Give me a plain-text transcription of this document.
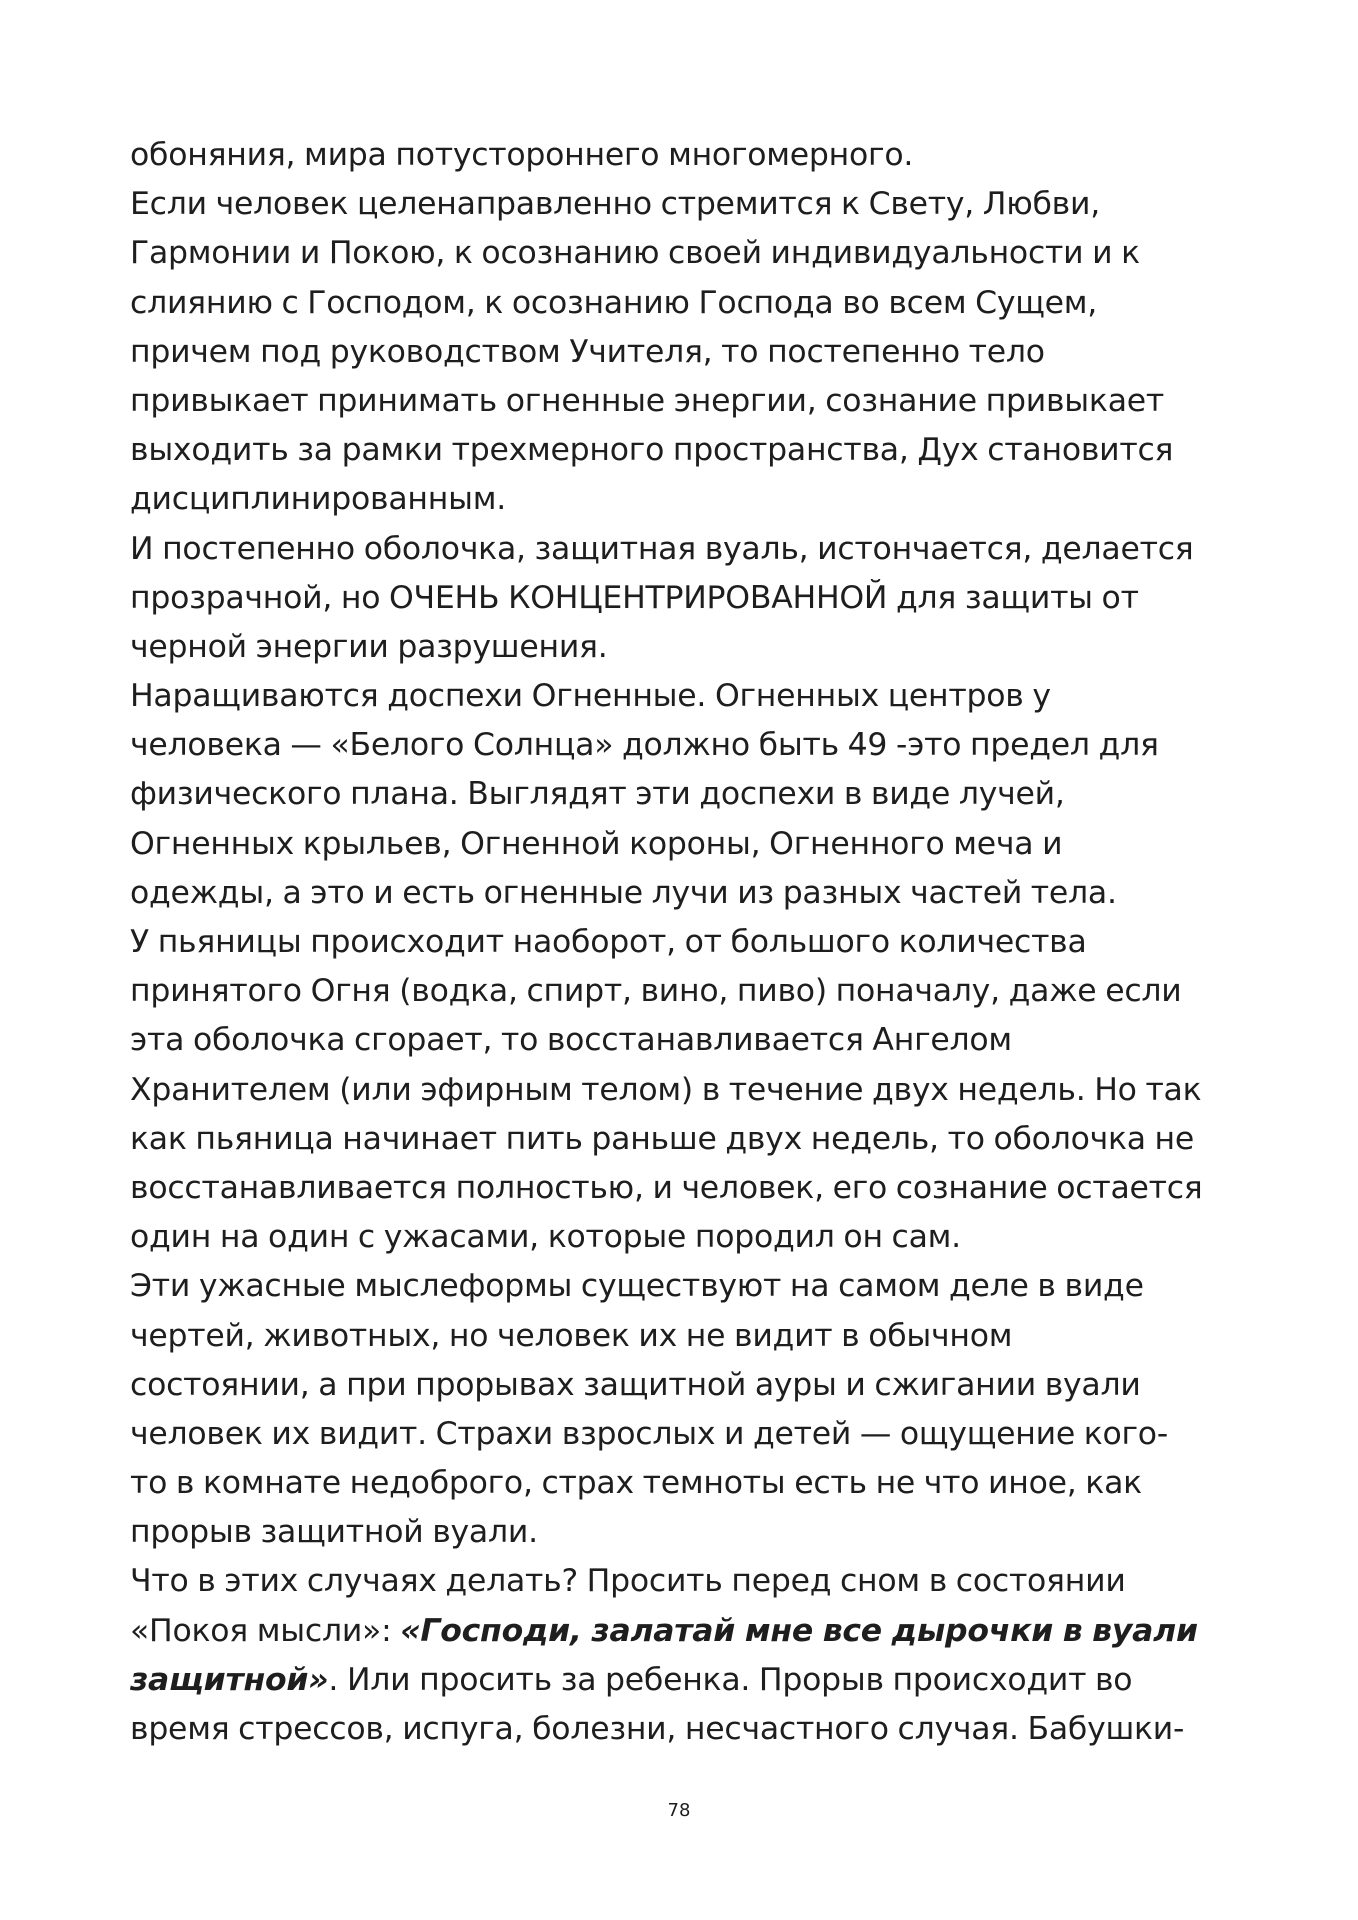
обоняния, мира потустороннего многомерного.
Если человек целенаправленно стремится к Свету, Любви,
Гармонии и Покою, к осознанию своей индивидуальности и к
слиянию с Господом, к осознанию Господа во всем Сущем,
причем под руководством Учителя, то постепенно тело
привыкает принимать огненные энергии, сознание привыкает
выходить за рамки трехмерного пространства, Дух становится
дисциплинированным.
И постепенно оболочка, защитная вуаль, истончается, делается
прозрачной, но ОЧЕНЬ КОНЦЕНТРИРОВАННОЙ для защиты от
черной энергии разрушения.
Наращиваются доспехи Огненные. Огненных центров у
человека — «Белого Солнца» должно быть 49 -это предел для
физического плана. Выглядят эти доспехи в виде лучей,
Огненных крыльев, Огненной короны, Огненного меча и
одежды, а это и есть огненные лучи из разных частей тела.
У пьяницы происходит наоборот, от большого количества
принятого Огня (водка, спирт, вино, пиво) поначалу, даже если
эта оболочка сгорает, то восстанавливается Ангелом
Хранителем (или эфирным телом) в течение двух недель. Но так
как пьяница начинает пить раньше двух недель, то оболочка не
восстанавливается полностью, и человек, его сознание остается
один на один с ужасами, которые породил он сам.
Эти ужасные мыслеформы существуют на самом деле в виде
чертей, животных, но человек их не видит в обычном
состоянии, а при прорывах защитной ауры и сжигании вуали
человек их видит. Страхи взрослых и детей — ощущение кого-
то в комнате недоброго, страх темноты есть не что иное, как
прорыв защитной вуали.
Что в этих случаях делать? Просить перед сном в состоянии
«Покоя мысли»: «Господи, залатай мне все дырочки в вуали
защитной». Или просить за ребенка. Прорыв происходит во
время стрессов, испуга, болезни, несчастного случая. Бабушки-
78
